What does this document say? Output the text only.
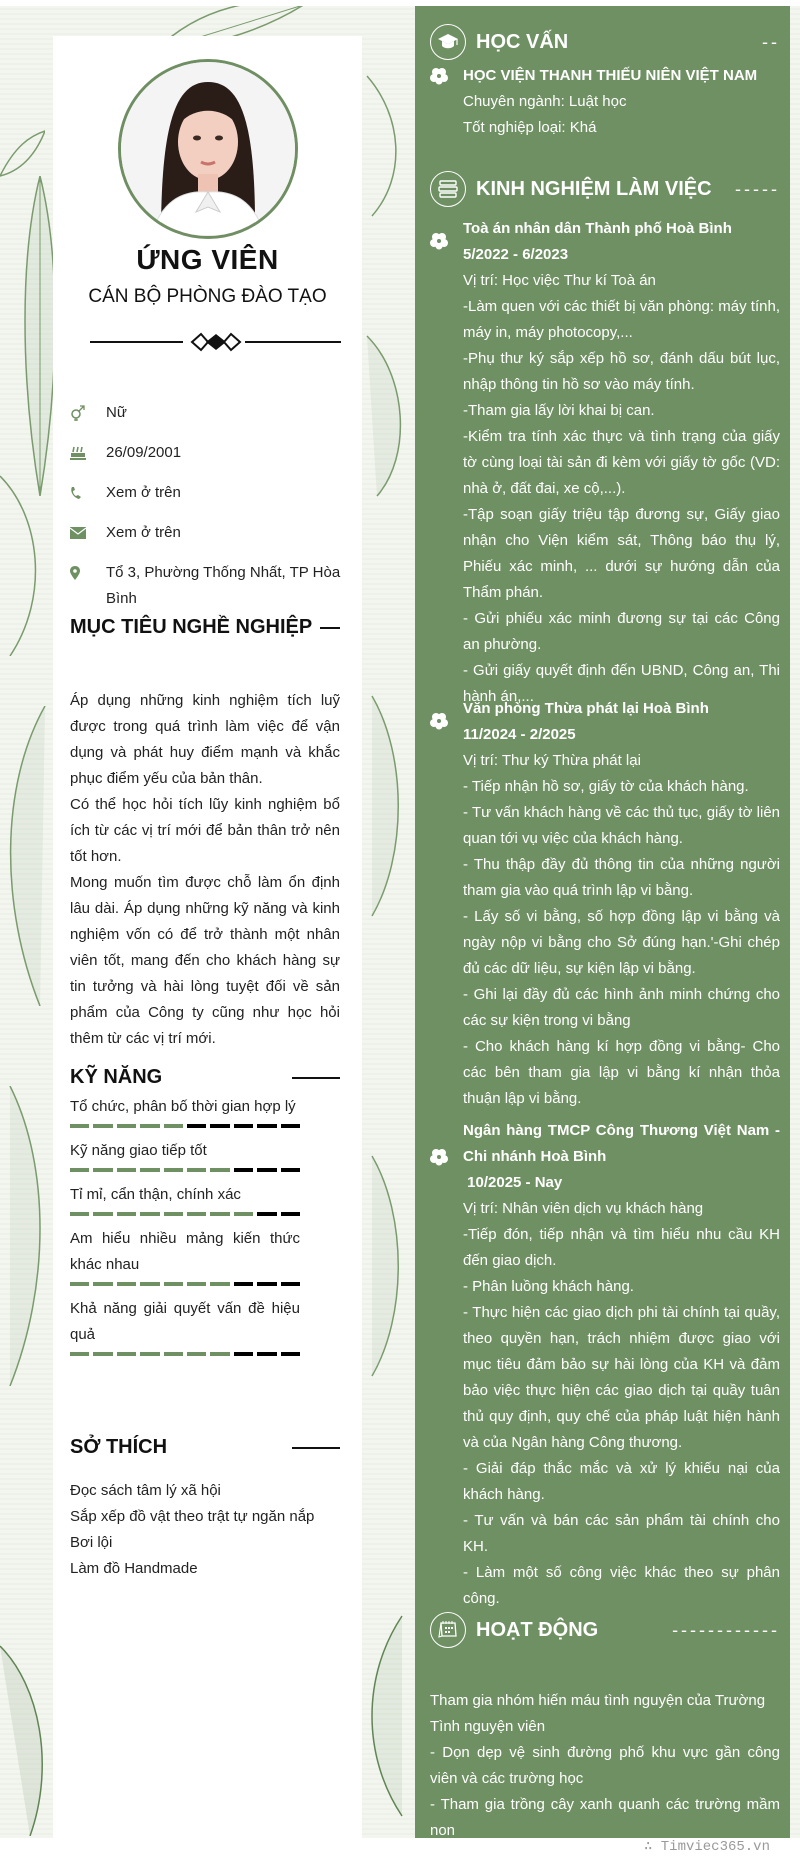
ỨNG VIÊN
CÁN BỘ PHÒNG ĐÀO TẠO
Nữ
26/09/2001
Xem ở trên
Xem ở trên
Tổ 3, Phường Thống Nhất, TP Hòa Bình
MỤC TIÊU NGHỀ NGHIỆP

Áp dụng những kinh nghiệm tích luỹ được trong quá trình làm việc để vận dụng và phát huy điểm mạnh và khắc phục điểm yếu của bản thân.

Có thể học hỏi tích lũy kinh nghiệm bổ ích từ các vị trí mới để bản thân trở nên tốt hơn.

Mong muốn tìm được chỗ làm ổn định lâu dài. Áp dụng những kỹ năng và kinh nghiệm vốn có để trở thành một nhân viên tốt, mang đến cho khách hàng sự tin tưởng và hài lòng tuyệt đối về sản phẩm của Công ty cũng như học hỏi thêm từ các vị trí mới.

KỸ NĂNG
Tổ chức, phân bố thời gian hợp lý
Kỹ năng giao tiếp tốt
Tỉ mỉ, cẩn thận, chính xác
Am hiểu nhiều mảng kiến thức khác nhau
Khả năng giải quyết vấn đề hiệu quả
SỞ THÍCH
Đọc sách tâm lý xã hội
Sắp xếp đồ vật theo trật tự ngăn nắp
Bơi lội
Làm đồ Handmade
HỌC VẤN	--
HỌC VIỆN THANH THIẾU NIÊN VIỆT NAM
Chuyên ngành: Luật học
Tốt nghiệp loại: Khá
KINH NGHIỆM LÀM VIỆC -----
Toà án nhân dân Thành phố Hoà Bình
5/2022 - 6/2023
Vị trí: Học việc Thư kí Toà án
-Làm quen với các thiết bị văn phòng: máy tính, máy in, máy photocopy,...
-Phụ thư ký sắp xếp hồ sơ, đánh dấu bút lục, nhập thông tin hồ sơ vào máy tính.
-Tham gia lấy lời khai bị can.
-Kiểm tra tính xác thực và tình trạng của giấy tờ cùng loại tài sản đi kèm với giấy tờ gốc (VD: nhà ở, đất đai, xe cộ,...).
-Tập soạn giấy triệu tập đương sự, Giấy giao nhận cho Viện kiểm sát, Thông báo thụ lý, Phiếu xác minh, ... dưới sự hướng dẫn của Thẩm phán.
- Gửi phiếu xác minh đương sự tại các Công an phường.
- Gửi giấy quyết định đến UBND, Công an, Thi hành án,...
Văn phòng Thừa phát lại Hoà Bình
11/2024 - 2/2025
Vị trí: Thư ký Thừa phát lại
- Tiếp nhận hồ sơ, giấy tờ của khách hàng.
- Tư vấn khách hàng về các thủ tục, giấy tờ liên quan tới vụ việc của khách hàng.
- Thu thập đầy đủ thông tin của những người tham gia vào quá trình lập vi bằng.
- Lấy số vi bằng, số hợp đồng lập vi bằng và ngày nộp vi bằng cho Sở đúng hạn.'-Ghi chép đủ các dữ liệu, sự kiện lập vi bằng.
- Ghi lại đầy đủ các hình ảnh minh chứng cho các sự kiện trong vi bằng
- Cho khách hàng kí hợp đồng vi bằng- Cho các bên tham gia lập vi bằng kí nhận thỏa thuận lập vi bằng.
Ngân hàng TMCP Công Thương Việt Nam - Chi nhánh Hoà Bình
10/2025 - Nay
Vị trí: Nhân viên dịch vụ khách hàng
-Tiếp đón, tiếp nhận và tìm hiểu nhu cầu KH đến giao dịch.
- Phân luồng khách hàng.
- Thực hiện các giao dịch phi tài chính tại quầy, theo quyền hạn, trách nhiệm được giao với mục tiêu đảm bảo sự hài lòng của KH và đảm bảo việc thực hiện các giao dịch tại quầy tuân thủ quy định, quy chế của pháp luật hiện hành và của Ngân hàng Công thương.
- Giải đáp thắc mắc và xử lý khiếu nại của khách hàng.
- Tư vấn và bán các sản phẩm tài chính cho KH.
- Làm một số công việc khác theo sự phân công.
HOẠT ĐỘNG	------------
Tham gia nhóm hiến máu tình nguyện của Trường
Tình nguyện viên
- Dọn dẹp vệ sinh đường phố khu vực gần công viên và các trường học
- Tham gia trồng cây xanh quanh các trường mầm non
∴ Timviec365.vn
